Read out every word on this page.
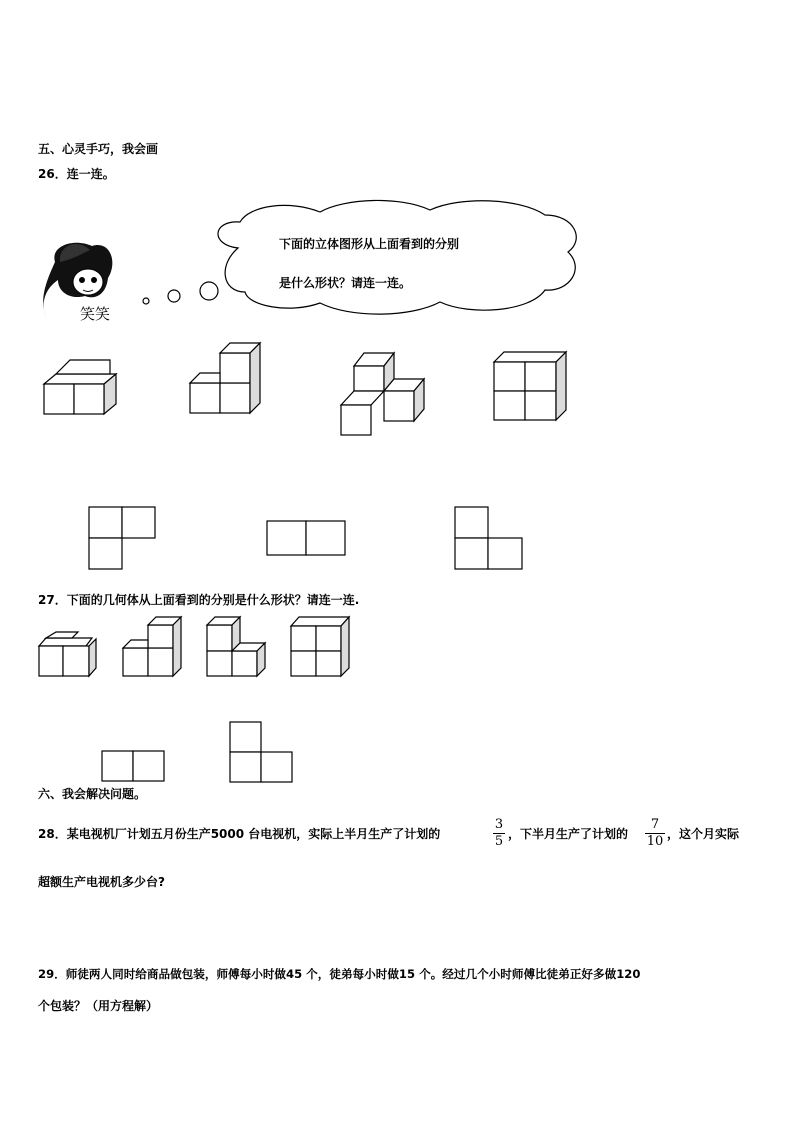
五、心灵手巧，我会画
26．连一连。
下面的立体图形从上面看到的分别
是什么形状？请连一连。
笑笑
27．下面的几何体从上面看到的分别是什么形状？请连一连.
六、我会解决问题。
28．某电视机厂计划五月份生产5000 台电视机，实际上半月生产了计划的
3
5 ，下半月生产了计划的
7
10 ，这个月实际
超额生产电视机多少台?
29．师徒两人同时给商品做包装，师傅每小时做45 个，徒弟每小时做15 个。经过几个小时师傅比徒弟正好多做120
个包装？（用方程解）
